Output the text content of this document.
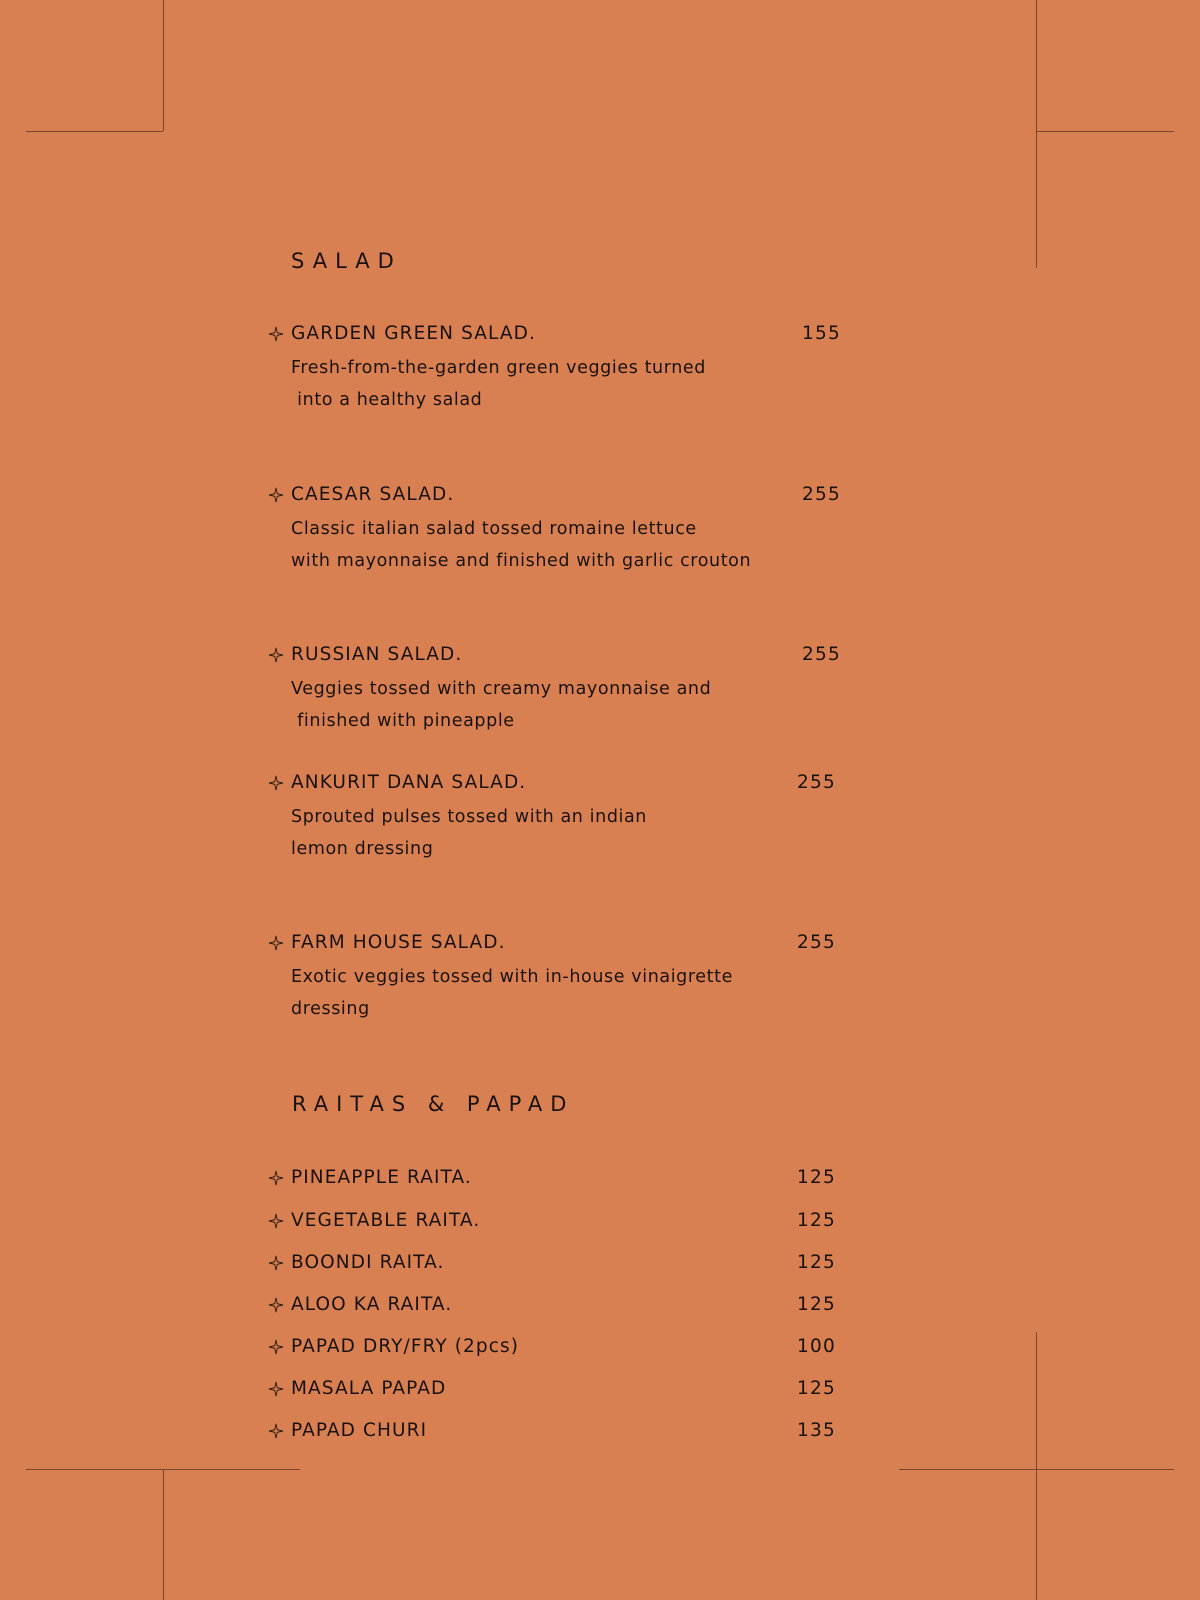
SALAD
GARDEN GREEN SALAD.	155
Fresh-from-the-garden green veggies turned
into a healthy salad
CAESAR SALAD.	255
Classic italian salad tossed romaine lettuce
with mayonnaise and finished with garlic crouton
RUSSIAN SALAD.	255
Veggies tossed with creamy mayonnaise and
finished with pineapple
ANKURIT DANA SALAD.	255
Sprouted pulses tossed with an indian
lemon dressing
FARM HOUSE SALAD.	255
Exotic veggies tossed with in-house vinaigrette
dressing
RAITAS & PAPAD
PINEAPPLE RAITA.	125
VEGETABLE RAITA.	125
BOONDI RAITA.	125
ALOO KA RAITA.	125
PAPAD DRY/FRY (2pcs)	100
MASALA PAPAD	125
PAPAD CHURI	135
